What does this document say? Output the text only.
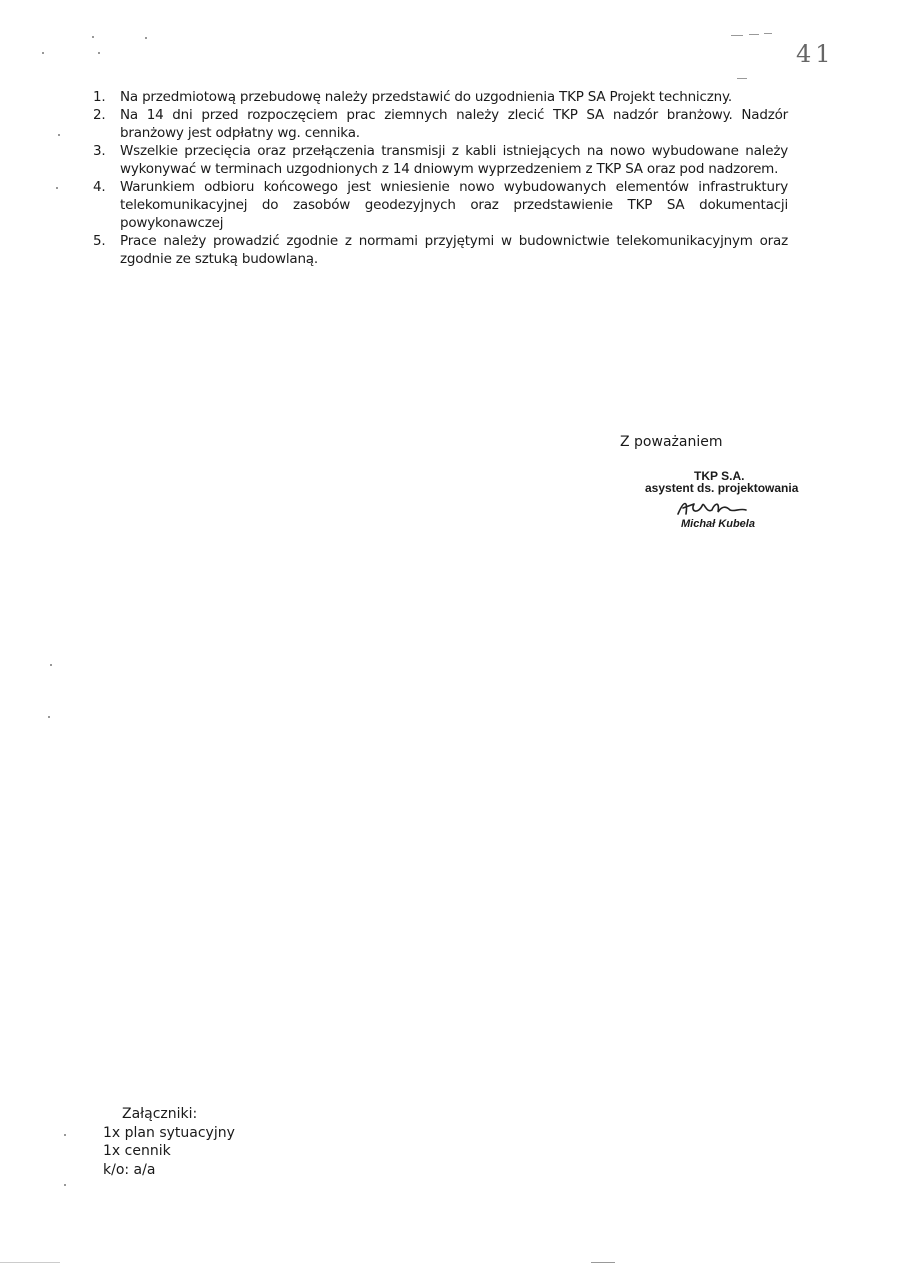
41
1. Na przedmiotową przebudowę należy przedstawić do uzgodnienia TKP SA Projekt techniczny.
2. Na 14 dni przed rozpoczęciem prac ziemnych należy zlecić TKP SA nadzór branżowy. Nadzór branżowy jest odpłatny wg. cennika.
3. Wszelkie przecięcia oraz przełączenia transmisji z kabli istniejących na nowo wybudowane należy wykonywać w terminach uzgodnionych z 14 dniowym wyprzedzeniem z TKP SA oraz pod nadzorem.
4. Warunkiem odbioru końcowego jest wniesienie nowo wybudowanych elementów infrastruktury telekomunikacyjnej do zasobów geodezyjnych oraz przedstawienie TKP SA dokumentacji powykonawczej
5. Prace należy prowadzić zgodnie z normami przyjętymi w budownictwie telekomunikacyjnym oraz zgodnie ze sztuką budowlaną.
Z poważaniem
TKP S.A.
asystent ds. projektowania
Michał Kubela
Załączniki:
1x plan sytuacyjny
1x cennik
k/o: a/a
